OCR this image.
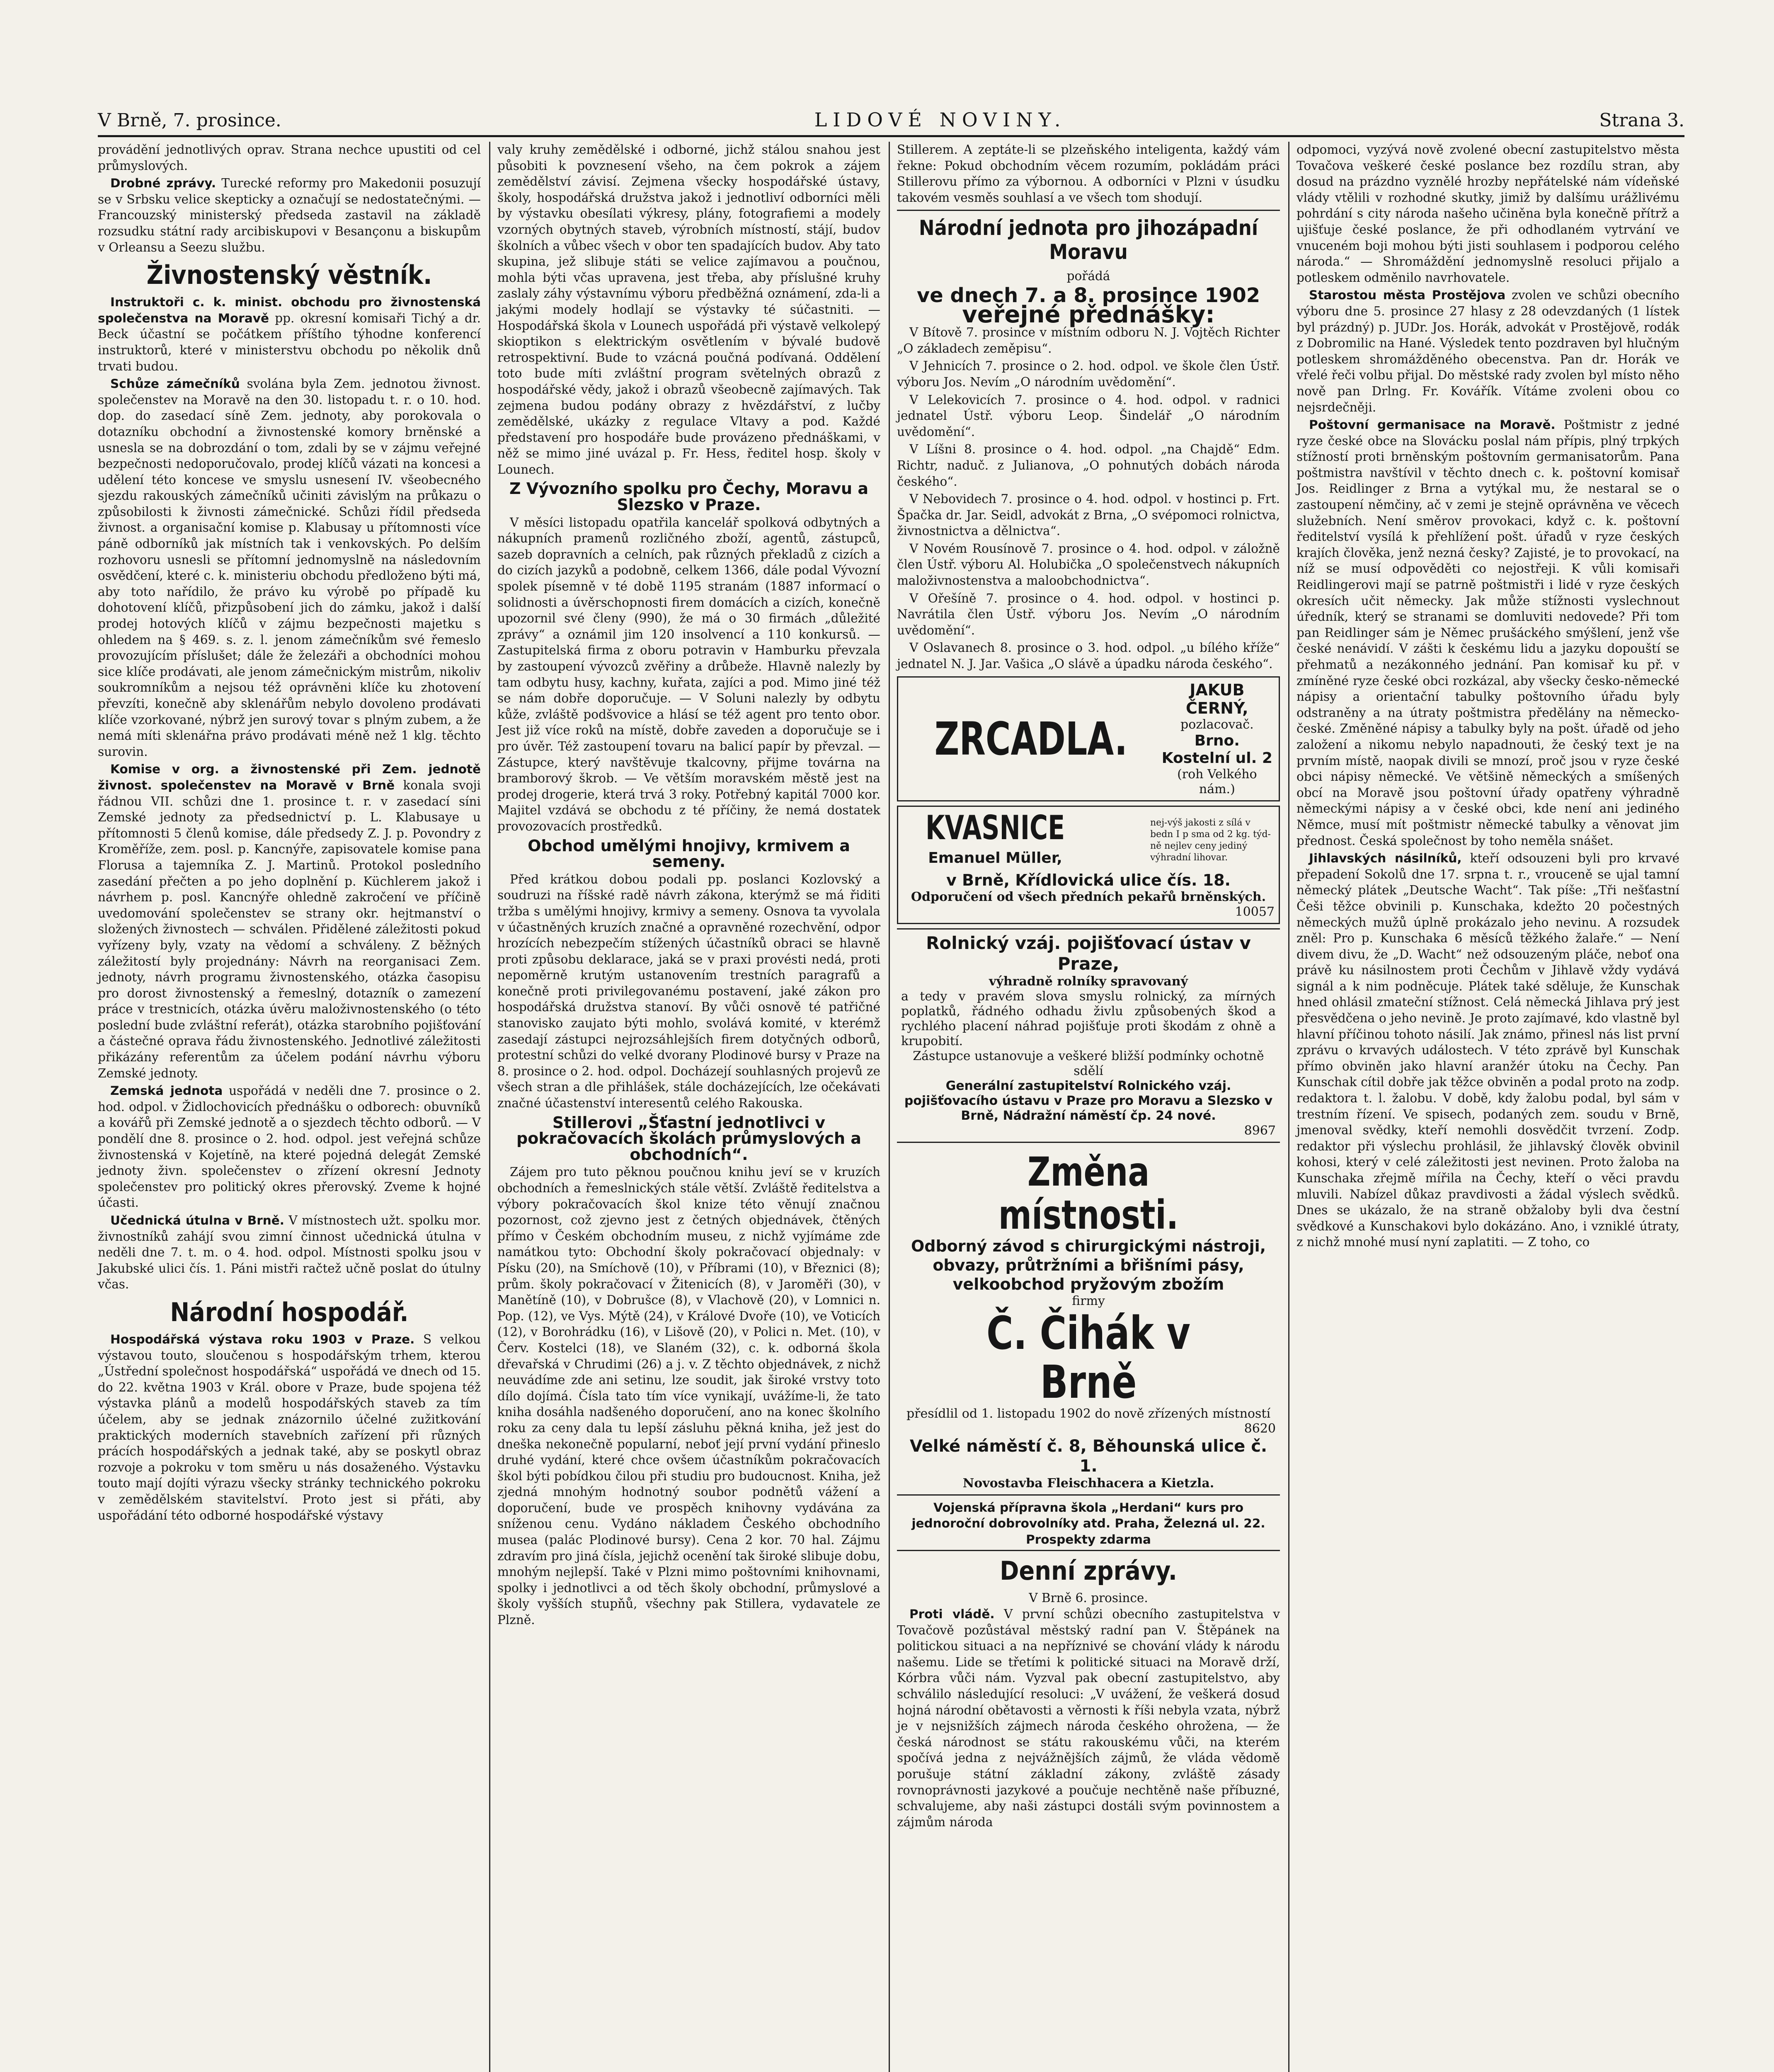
V Brně, 7. prosince.	LIDOVÉ NOVINY.	Strana 3.

provádění jednotlivých oprav. Strana nechce upustiti od cel průmyslových.

Drobné zprávy. Turecké reformy pro Makedonii posuzují se v Srbsku velice skepticky a označují se nedostatečnými. — Francouzský ministerský předseda zastavil na základě rozsudku státní rady arcibiskupovi v Besançonu a biskupům v Orleansu a Seezu službu.

Živnostenský věstník.

Instruktoři c. k. minist. obchodu pro živnostenská společenstva na Moravě pp. okresní komisaři Tichý a dr. Beck účastní se počátkem příštího týhodne konferencí instruktorů, které v ministerstvu obchodu po několik dnů trvati budou.

Schůze zámečníků svolána byla Zem. jednotou živnost. společenstev na Moravě na den 30. listopadu t. r. o 10. hod. dop. do zasedací síně Zem. jednoty, aby porokovala o dotazníku obchodní a živnostenské komory brněnské a usnesla se na dobrozdání o tom, zdali by se v zájmu veřejné bezpečnosti nedoporučovalo, prodej klíčů vázati na koncesi a udělení této koncese ve smyslu usnesení IV. všeobecného sjezdu rakouských zámečníků učiniti závislým na průkazu o způsobilosti k živnosti zámečnické. Schůzi řídil předseda živnost. a organisační komise p. Klabusay u přítomnosti více páně odborníků jak místních tak i venkovských. Po delším rozhovoru usnesli se přítomní jednomyslně na následovním osvědčení, které c. k. ministeriu obchodu předloženo býti má, aby toto nařídilo, že právo ku výrobě po případě ku dohotovení klíčů, přizpůsobení jich do zámku, jakož i další prodej hotových klíčů v zájmu bezpečnosti majetku s ohledem na § 469. s. z. l. jenom zámečníkům své řemeslo provozujícím příslušet; dále že železáři a obchodníci mohou sice klíče prodávati, ale jenom zámečnickým mistrům, nikoliv soukromníkům a nejsou též oprávněni klíče ku zhotovení převzíti, konečně aby sklenářům nebylo dovoleno prodávati klíče vzorkované, nýbrž jen surový tovar s plným zubem, a že nemá míti sklenářna právo prodávati méně než 1 klg. těchto surovin.

Komise v org. a živnostenské při Zem. jednotě živnost. společenstev na Moravě v Brně konala svoji řádnou VII. schůzi dne 1. prosince t. r. v zasedací síni Zemské jednoty za předsednictví p. L. Klabusaye u přítomnosti 5 členů komise, dále předsedy Z. J. p. Povondry z Kroměříže, zem. posl. p. Kancnýře, zapisovatele komise pana Florusa a tajemníka Z. J. Martinů. Protokol posledního zasedání přečten a po jeho doplnění p. Küchlerem jakož i návrhem p. posl. Kancnýře ohledně zakročení ve příčině uvedomování společenstev se strany okr. hejtmanství o složených živnostech — schválen. Přidělené záležitosti pokud vyřízeny byly, vzaty na vědomí a schváleny. Z běžných záležitostí byly projednány: Návrh na reorganisaci Zem. jednoty, návrh programu živnostenského, otázka časopisu pro dorost živnostenský a řemeslný, dotazník o zamezení práce v trestnicích, otázka úvěru maloživnostenského (o této poslední bude zvláštní referát), otázka starobního pojišťování a částečné oprava řádu živnostenského. Jednotlivé záležitosti přikázány referentům za účelem podání návrhu výboru Zemské jednoty.

Zemská jednota uspořádá v neděli dne 7. prosince o 2. hod. odpol. v Židlochovicích přednášku o odborech: obuvníků a kovářů při Zemské jednotě a o sjezdech těchto odborů. — V pondělí dne 8. prosince o 2. hod. odpol. jest veřejná schůze živnostenská v Kojetíně, na které pojedná delegát Zemské jednoty živn. společenstev o zřízení okresní Jednoty společenstev pro politický okres přerovský. Zveme k hojné účasti.

Učednická útulna v Brně. V místnostech užt. spolku mor. živnostníků zahájí svou zimní činnost učednická útulna v neděli dne 7. t. m. o 4. hod. odpol. Místnosti spolku jsou v Jakubské ulici čís. 1. Páni mistři račtež učně poslat do útulny včas.

Národní hospodář.

Hospodářská výstava roku 1903 v Praze. S velkou výstavou touto, sloučenou s hospodářským trhem, kterou „Ústřední společnost hospodářská“ uspořádá ve dnech od 15. do 22. května 1903 v Král. obore v Praze, bude spojena též výstavka plánů a modelů hospodářských staveb za tím účelem, aby se jednak znázornilo účelné zužitkování praktických moderních stavebních zařízení při různých prácích hospodářských a jednak také, aby se poskytl obraz rozvoje a pokroku v tom směru u nás dosaženého. Výstavku touto mají dojíti výrazu všecky stránky technického pokroku v zemědělském stavitelství. Proto jest si přáti, aby uspořádání této odborné hospodářské výstavy

valy kruhy zemědělské i odborné, jichž stálou snahou jest působiti k povznesení všeho, na čem pokrok a zájem zemědělství závisí. Zejmena všecky hospodářské ústavy, školy, hospodářská družstva jakož i jednotliví odborníci měli by výstavku obesílati výkresy, plány, fotografiemi a modely vzorných obytných staveb, výrobních místností, stájí, budov školních a vůbec všech v obor ten spadajících budov. Aby tato skupina, jež slibuje státi se velice zajímavou a poučnou, mohla býti včas upravena, jest třeba, aby příslušné kruhy zaslaly záhy výstavnímu výboru předběžná oznámení, zda-li a jakými modely hodlají se výstavky té súčastniti. — Hospodářská škola v Lounech uspořádá při výstavě velkolepý skioptikon s elektrickým osvětlením v bývalé budově retrospektivní. Bude to vzácná poučná podívaná. Oddělení toto bude míti zvláštní program světelných obrazů z hospodářské vědy, jakož i obrazů všeobecně zajímavých. Tak zejmena budou podány obrazy z hvězdářství, z lučby zemědělské, ukázky z regulace Vltavy a pod. Každé představení pro hospodáře bude provázeno přednáškami, v něž se mimo jiné uvázal p. Fr. Hess, ředitel hosp. školy v Lounech.

Z Vývozního spolku pro Čechy, Moravu a Slezsko v Praze.

V měsíci listopadu opatřila kancelář spolková odbytných a nákupních pramenů rozličného zboží, agentů, zástupců, sazeb dopravních a celních, pak různých překladů z cizích a do cizích jazyků a podobně, celkem 1366, dále podal Vývozní spolek písemně v té době 1195 stranám (1887 informací o solidnosti a úvěrschopnosti firem domácích a cizích, konečně upozornil své členy (990), že má o 30 firmách „důležité zprávy“ a oznámil jim 120 insolvencí a 110 konkursů. — Zastupitelská firma z oboru potravin v Hamburku převzala by zastoupení vývozců zvěřiny a drůbeže. Hlavně nalezly by tam odbytu husy, kachny, kuřata, zajíci a pod. Mimo jiné též se nám dobře doporučuje. — V Soluni nalezly by odbytu kůže, zvláště podšvovice a hlásí se též agent pro tento obor. Jest již více roků na místě, dobře zaveden a doporučuje se i pro úvěr. Též zastoupení tovaru na balicí papír by převzal. — Zástupce, který navštěvuje tkalcovny, přijme továrna na bramborový škrob. — Ve větším moravském městě jest na prodej drogerie, která trvá 3 roky. Potřebný kapitál 7000 kor. Majitel vzdává se obchodu z té příčiny, že nemá dostatek provozovacích prostředků.

Obchod umělými hnojivy, krmivem a semeny.

Před krátkou dobou podali pp. poslanci Kozlovský a soudruzi na říšské radě návrh zákona, kterýmž se má řiditi tržba s umělými hnojivy, krmivy a semeny. Osnova ta vyvolala v účastněných kruzích značné a opravněné rozechvění, odpor hrozících nebezpečím stížených účastníků obraci se hlavně proti způsobu deklarace, jaká se v praxi provésti nedá, proti nepoměrně krutým ustanovením trestních paragrafů a konečně proti privilegovanému postavení, jaké zákon pro hospodářská družstva stanoví. By vůči osnově té patřičné stanovisko zaujato býti mohlo, svolává komité, v kterémž zasedají zástupci nejrozsáhlejších firem dotyčných odborů, protestní schůzi do velké dvorany Plodinové bursy v Praze na 8. prosince o 2. hod. odpol. Docházejí souhlasných projevů ze všech stran a dle přihlášek, stále docházejících, lze očekávati značné účastenství interesentů celého Rakouska.

Stillerovi „Šťastní jednotlivci v pokračovacích školách průmyslových a obchodních“.

Zájem pro tuto pěknou poučnou knihu jeví se v kruzích obchodních a řemeslnických stále větší. Zvláště ředitelstva a výbory pokračovacích škol knize této věnují značnou pozornost, což zjevno jest z četných objednávek, čtěných přímo v Českém obchodním museu, z nichž vyjímáme zde namátkou tyto: Obchodní školy pokračovací objednaly: v Písku (20), na Smíchově (10), v Příbrami (10), v Březnici (8); prům. školy pokračovací v Žitenicích (8), v Jaroměři (30), v Manětíně (10), v Dobrušce (8), v Vlachově (20), v Lomnici n. Pop. (12), ve Vys. Mýtě (24), v Králové Dvoře (10), ve Voticích (12), v Borohrádku (16), v Lišově (20), v Polici n. Met. (10), v Červ. Kostelci (18), ve Slaném (32), c. k. odborná škola dřevařská v Chrudimi (26) a j. v. Z těchto objednávek, z nichž neuvádíme zde ani setinu, lze soudit, jak široké vrstvy toto dílo dojímá. Čísla tato tím více vynikají, uvážíme-li, že tato kniha dosáhla nadšeného doporučení, ano na konec školního roku za ceny dala tu lepší zásluhu pěkná kniha, jež jest do dneška nekonečně popularní, neboť její první vydání přineslo druhé vydání, které chce ovšem účastníkům pokračovacích škol býti pobídkou čilou při studiu pro budoucnost. Kniha, jež zjedná mnohým hodnotný soubor podnětů vážení a doporučení, bude ve prospěch knihovny vydávána za sníženou cenu. Vydáno nákladem Českého obchodního musea (palác Plodinové bursy). Cena 2 kor. 70 hal. Zájmu zdravím pro jiná čísla, jejichž ocenění tak široké slibuje dobu, mnohým nejlepší. Také v Plzni mimo poštovními knihovnami, spolky i jednotlivci a od těch školy obchodní, průmyslové a školy vyšších stupňů, všechny pak Stillera, vydavatele ze Plzně.

Stillerem. A zeptáte-li se plzeňského inteligenta, každý vám řekne: Pokud obchodním věcem rozumím, pokládám práci Stillerovu přímo za výbornou. A odborníci v Plzni v úsudku takovém vesměs souhlasí a ve všech tom shodují.

Národní jednota pro jihozápadní Moravu
pořádá
ve dnech 7. a 8. prosince 1902
veřejné přednášky:

V Bítově 7. prosince v místním odboru N. J. Vojtěch Richter „O základech zeměpisu“.

V Jehnicích 7. prosince o 2. hod. odpol. ve škole člen Ústř. výboru Jos. Nevím „O národním uvědomění“.

V Lelekovicích 7. prosince o 4. hod. odpol. v radnici jednatel Ústř. výboru Leop. Šindelář „O národním uvědomění“.

V Líšni 8. prosince o 4. hod. odpol. „na Chajdě“ Edm. Richtr, naduč. z Julianova, „O pohnutých dobách národa českého“.

V Nebovidech 7. prosince o 4. hod. odpol. v hostinci p. Frt. Špačka dr. Jar. Seidl, advokát z Brna, „O svépomoci rolnictva, živnostnictva a dělnictva“.

V Novém Rousínově 7. prosince o 4. hod. odpol. v záložně člen Ústř. výboru Al. Holubička „O společenstvech nákupních maloživnostenstva a maloobchodnictva“.

V Ořešíně 7. prosince o 4. hod. odpol. v hostinci p. Navrátila člen Ústř. výboru Jos. Nevím „O národním uvědomění“.

V Oslavanech 8. prosince o 3. hod. odpol. „u bílého kříže“ jednatel N. J. Jar. Vašica „O slávě a úpadku národa českého“.

ZRCADLA.
JAKUB ČERNÝ,
pozlacovač.
Brno. Kostelní ul. 2
(roh Velkého nám.)
KVASNICE
Emanuel Müller,
nej-výš jakosti z sílá v bedn I p sma od 2 kg. týd-ně nejlev ceny jediný výhradní lihovar.
v Brně, Křídlovická ulice čís. 18.
Odporučení od všech předních pekařů brněnských.
10057
Rolnický vzáj. pojišťovací ústav v Praze,
výhradně rolníky spravovaný
a tedy v pravém slova smyslu rolnický, za mírných poplatků, řádného odhadu živlu způsobených škod a rychlého placení náhrad pojišťuje proti škodám z ohně a krupobití.
Zástupce ustanovuje a veškeré bližší podmínky ochotně sdělí
Generální zastupitelství Rolnického vzáj. pojišťovacího ústavu v Praze pro Moravu a Slezsko v Brně, Nádražní náměstí čp. 24 nové.
8967
Změna místnosti.
Odborný závod s chirurgickými nástroji, obvazy, průtržními a břišními pásy, velkoobchod pryžovým zbožím
firmy
Č. Čihák v Brně
přesídlil od 1. listopadu 1902 do nově zřízených místností
8620
Velké náměstí č. 8, Běhounská ulice č. 1.
Novostavba Fleischhacera a Kietzla.
Vojenská přípravna škola „Herdani“ kurs pro jednoroční dobrovolníky atd. Praha, Železná ul. 22. Prospekty zdarma
Denní zprávy.
V Brně 6. prosince.

Proti vládě. V první schůzi obecního zastupitelstva v Tovačově pozůstával městský radní pan V. Štěpánek na politickou situaci a na nepříznivé se chování vlády k národu našemu. Lide se třetími k politické situaci na Moravě drží, Kórbra vůči nám. Vyzval pak obecní zastupitelstvo, aby schválilo následující resoluci: „V uvážení, že veškerá dosud hojná národní obětavosti a věrnosti k říši nebyla vzata, nýbrž je v nejsnižších zájmech národa českého ohrožena, — že česká národnost se státu rakouskému vůči, na kterém spočívá jedna z nejvážnějších zájmů, že vláda vědomě porušuje státní základní zákony, zvláště zásady rovnoprávnosti jazykové a poučuje nechtěně naše příbuzné, schvalujeme, aby naši zástupci dostáli svým povinnostem a zájmům národa

odpomoci, vyzývá nově zvolené obecní zastupitelstvo města Tovačova veškeré české poslance bez rozdílu stran, aby dosud na prázdno vyznělé hrozby nepřátelské nám vídeňské vlády vtělili v rozhodné skutky, jimiž by dalšímu urážlivému pohrdání s city národa našeho učiněna byla konečně přítrž a ujišťuje české poslance, že při odhodlaném vytrvání ve vnuceném boji mohou býti jisti souhlasem i podporou celého národa.“ — Shromáždění jednomyslně resoluci přijalo a potleskem odměnilo navrhovatele.

Starostou města Prostějova zvolen ve schůzi obecního výboru dne 5. prosince 27 hlasy z 28 odevzdaných (1 lístek byl prázdný) p. JUDr. Jos. Horák, advokát v Prostějově, rodák z Dobromilic na Hané. Výsledek tento pozdraven byl hlučným potleskem shromážděného obecenstva. Pan dr. Horák ve vřelé řeči volbu přijal. Do městské rady zvolen byl místo něho nově pan Drlng. Fr. Kovářík. Vítáme zvoleni obou co nejsrdečněji.

Poštovní germanisace na Moravě. Poštmistr z jedné ryze české obce na Slovácku poslal nám přípis, plný trpkých stížností proti brněnským poštovním germanisatorům. Pana poštmistra navštívil v těchto dnech c. k. poštovní komisař Jos. Reidlinger z Brna a vytýkal mu, že nestaral se o zastoupení němčiny, ač v zemi je stejně oprávněna ve věcech služebních. Není směrov provokaci, když c. k. poštovní ředitelství vysílá k přehlížení pošt. úřadů v ryze českých krajích člověka, jenž nezná česky? Zajisté, je to provokací, na níž se musí odpověděti co nejostřeji. K vůli komisaři Reidlingerovi mají se patrně poštmistři i lidé v ryze českých okresích učit německy. Jak může stížnosti vyslechnout úředník, který se stranami se domluviti nedovede? Při tom pan Reidlinger sám je Němec prušáckého smýšlení, jenž vše české nenávidí. V zášti k českému lidu a jazyku dopouští se přehmatů a nezákonného jednání. Pan komisař ku př. v zmíněné ryze české obci rozkázal, aby všecky česko-německé nápisy a orientační tabulky poštovního úřadu byly odstraněny a na útraty poštmistra předělány na německo-české. Změněné nápisy a tabulky byly na pošt. úřadě od jeho založení a nikomu nebylo napadnouti, že český text je na prvním místě, naopak divili se mnozí, proč jsou v ryze české obci nápisy německé. Ve většině německých a smíšených obcí na Moravě jsou poštovní úřady opatřeny výhradně německými nápisy a v české obci, kde není ani jediného Němce, musí mít poštmistr německé tabulky a věnovat jim přednost. Česká společnost by toho neměla snášet.

Jihlavských násilníků, kteří odsouzeni byli pro krvavé přepadení Sokolů dne 17. srpna t. r., vrouceně se ujal tamní německý plátek „Deutsche Wacht“. Tak píše: „Tři nešťastní Češi těžce obvinili p. Kunschaka, kdežto 20 počestných německých mužů úplně prokázalo jeho nevinu. A rozsudek zněl: Pro p. Kunschaka 6 měsíců těžkého žalaře.“ — Není divem divu, že „D. Wacht“ než odsouzeným pláče, neboť ona právě ku násilnostem proti Čechům v Jihlavě vždy vydává signál a k nim podněcuje. Plátek také sděluje, že Kunschak hned ohlásil zmateční stížnost. Celá německá Jihlava prý jest přesvědčena o jeho nevině. Je proto zajímavé, kdo vlastně byl hlavní příčinou tohoto násilí. Jak známo, přinesl nás list první zprávu o krvavých událostech. V této zprávě byl Kunschak přímo obviněn jako hlavní aranžér útoku na Čechy. Pan Kunschak cítil dobře jak těžce obviněn a podal proto na zodp. redaktora t. l. žalobu. V době, kdy žalobu podal, byl sám v trestním řízení. Ve spisech, podaných zem. soudu v Brně, jmenoval svědky, kteří nemohli dosvědčit tvrzení. Zodp. redaktor při výslechu prohlásil, že jihlavský člověk obvinil kohosi, který v celé záležitosti jest nevinen. Proto žaloba na Kunschaka zřejmě mířila na Čechy, kteří o věci pravdu mluvili. Nabízel důkaz pravdivosti a žádal výslech svědků. Dnes se ukázalo, že na straně obžaloby byli dva čestní svědkové a Kunschakovi bylo dokázáno. Ano, i vzniklé útraty, z nichž mnohé musí nyní zaplatiti. — Z toho, co
